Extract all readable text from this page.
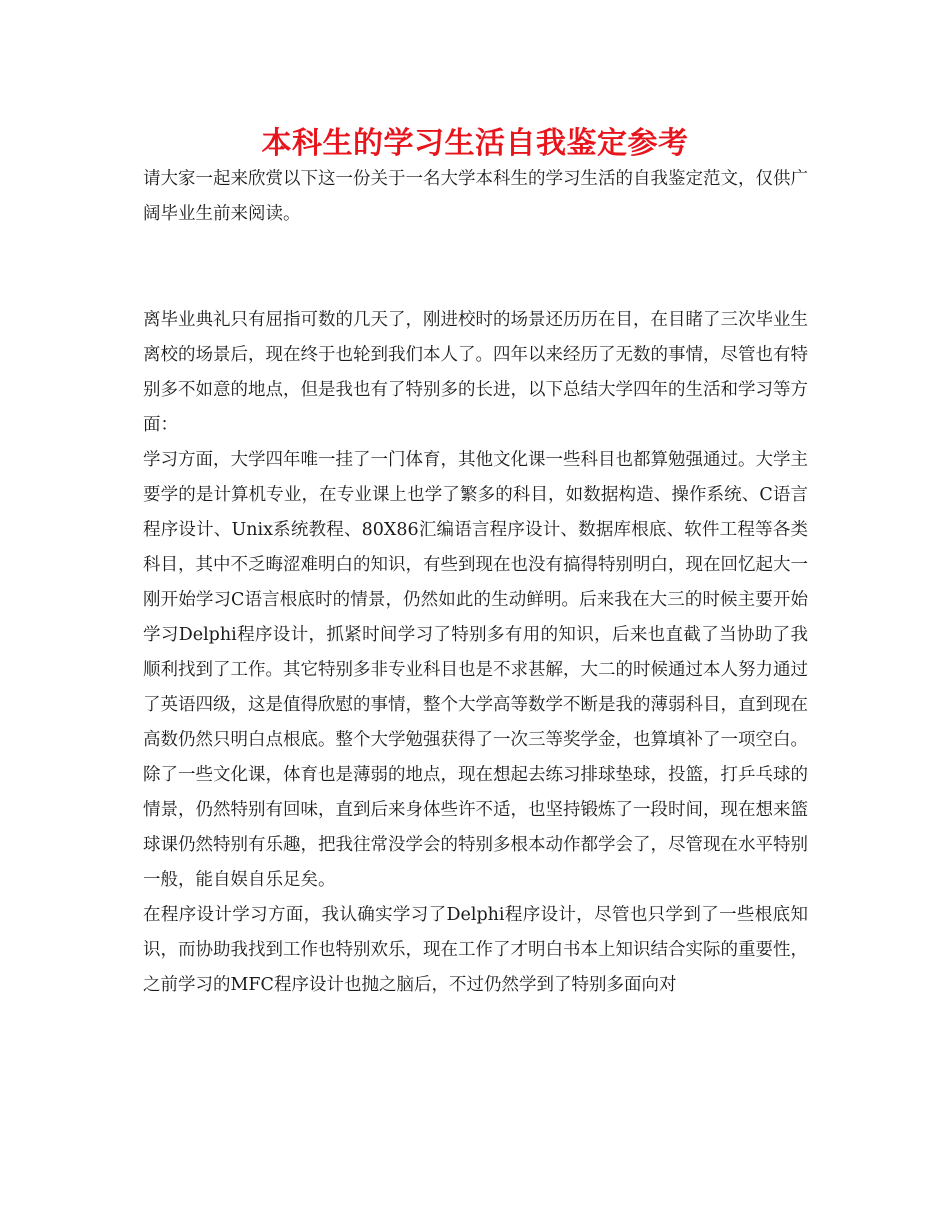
本科生的学习生活自我鉴定参考

请大家一起来欣赏以下这一份关于一名大学本科生的学习生活的自我鉴定范文，仅供广阔毕业生前来阅读。

离毕业典礼只有屈指可数的几天了，刚进校时的场景还历历在目，在目睹了三次毕业生离校的场景后，现在终于也轮到我们本人了。四年以来经历了无数的事情，尽管也有特别多不如意的地点，但是我也有了特别多的长进，以下总结大学四年的生活和学习等方面：

学习方面，大学四年唯一挂了一门体育，其他文化课一些科目也都算勉强通过。大学主要学的是计算机专业，在专业课上也学了繁多的科目，如数据构造、操作系统、C语言程序设计、Unix系统教程、80X86汇编语言程序设计、数据库根底、软件工程等各类科目，其中不乏晦涩难明白的知识，有些到现在也没有搞得特别明白，现在回忆起大一刚开始学习C语言根底时的情景，仍然如此的生动鲜明。后来我在大三的时候主要开始学习Delphi程序设计，抓紧时间学习了特别多有用的知识，后来也直截了当协助了我顺利找到了工作。其它特别多非专业科目也是不求甚解，大二的时候通过本人努力通过了英语四级，这是值得欣慰的事情，整个大学高等数学不断是我的薄弱科目，直到现在高数仍然只明白点根底。整个大学勉强获得了一次三等奖学金，也算填补了一项空白。

除了一些文化课，体育也是薄弱的地点，现在想起去练习排球垫球，投篮，打乒乓球的情景，仍然特别有回味，直到后来身体些许不适，也坚持锻炼了一段时间，现在想来篮球课仍然特别有乐趣，把我往常没学会的特别多根本动作都学会了，尽管现在水平特别一般，能自娱自乐足矣。

在程序设计学习方面，我认确实学习了Delphi程序设计，尽管也只学到了一些根底知识，而协助我找到工作也特别欢乐，现在工作了才明白书本上知识结合实际的重要性，之前学习的MFC程序设计也抛之脑后，不过仍然学到了特别多面向对
